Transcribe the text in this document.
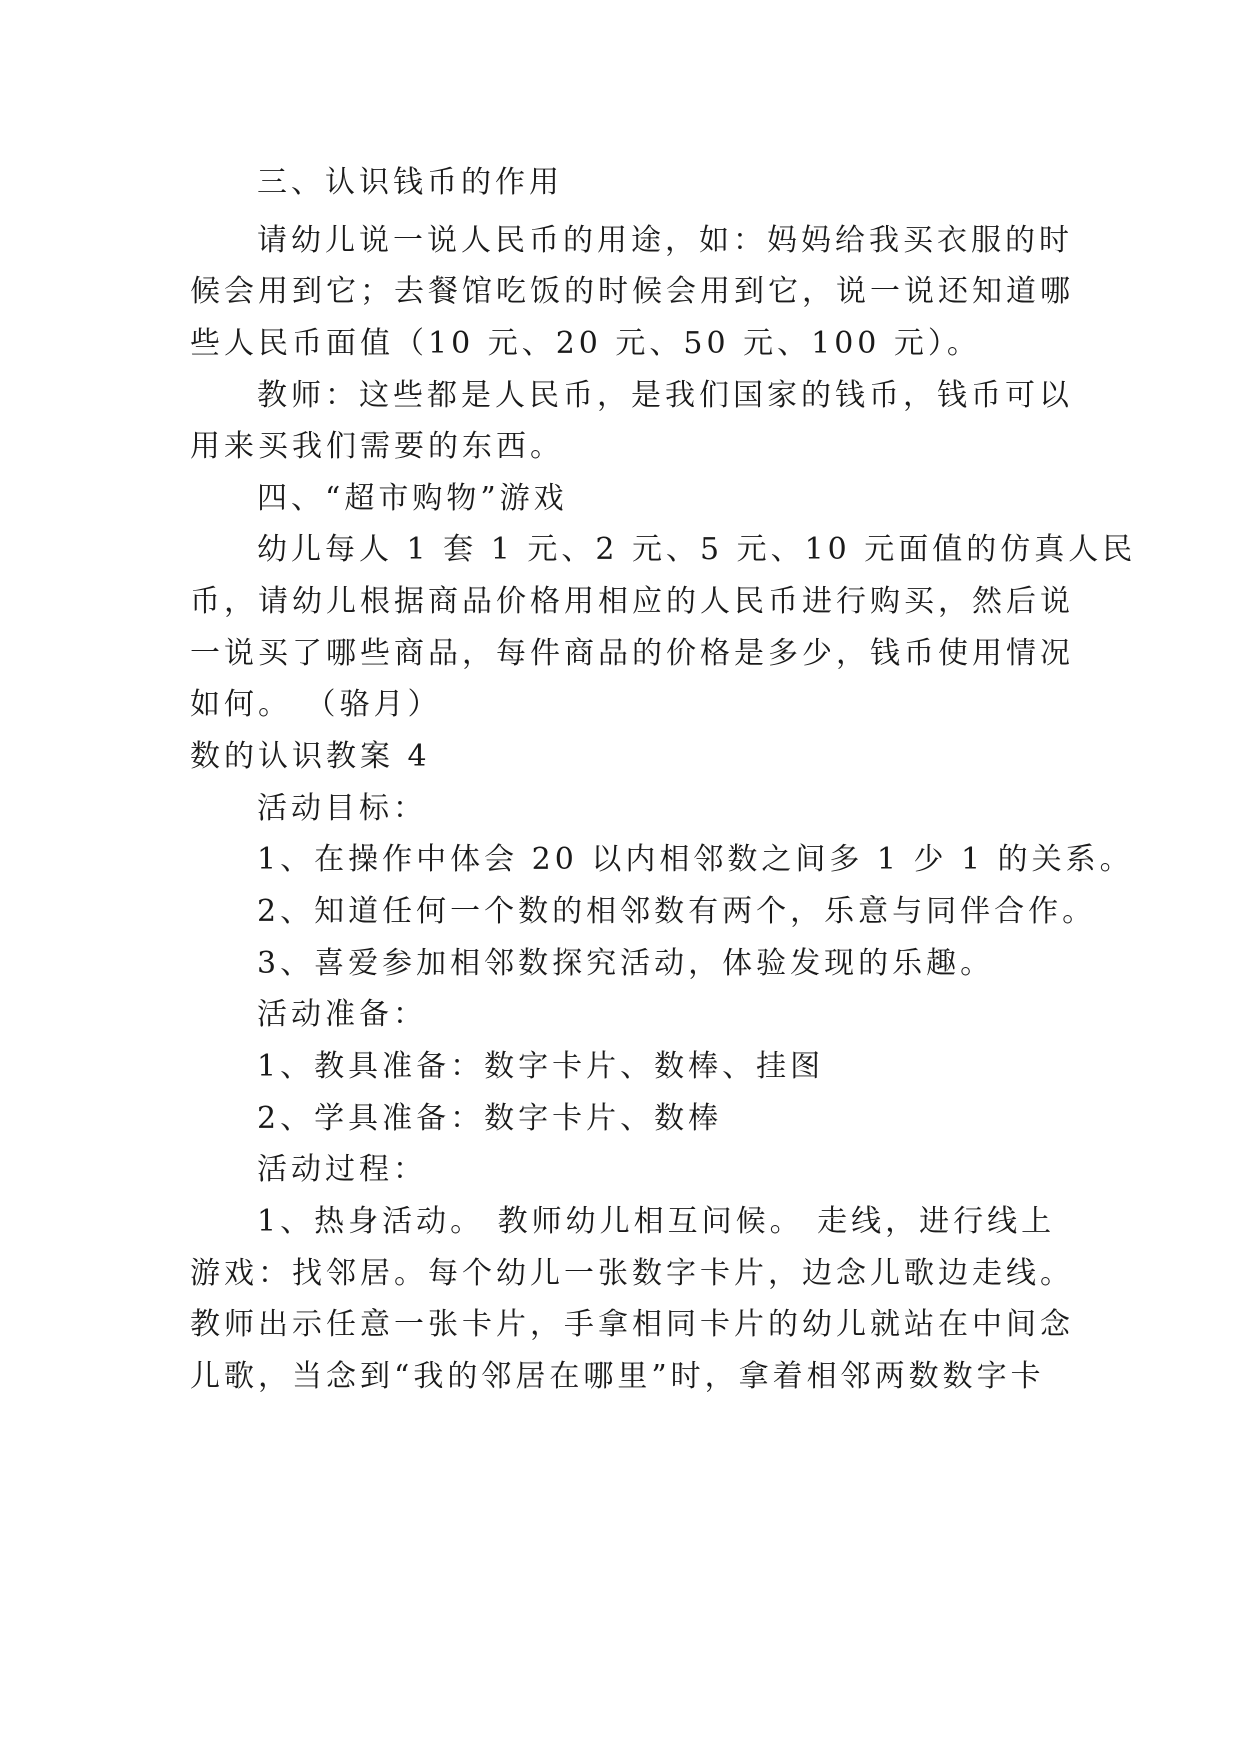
三、认识钱币的作用
请幼儿说一说人民币的用途，如：妈妈给我买衣服的时
候会用到它；去餐馆吃饭的时候会用到它，说一说还知道哪
些人民币面值（10 元、20 元、50 元、100 元）。
教师：这些都是人民币，是我们国家的钱币，钱币可以
用来买我们需要的东西。
四、“超市购物”游戏
幼儿每人 1 套 1 元、2 元、5 元、10 元面值的仿真人民
币，请幼儿根据商品价格用相应的人民币进行购买，然后说
一说买了哪些商品，每件商品的价格是多少，钱币使用情况
如何。 （骆月）
数的认识教案 4
活动目标：
1、在操作中体会 20 以内相邻数之间多 1 少 1 的关系。
2、知道任何一个数的相邻数有两个，乐意与同伴合作。
3、喜爱参加相邻数探究活动，体验发现的乐趣。
活动准备：
1、教具准备：数字卡片、数棒、挂图
2、学具准备：数字卡片、数棒
活动过程：
1、热身活动。 教师幼儿相互问候。 走线，进行线上
游戏：找邻居。每个幼儿一张数字卡片，边念儿歌边走线。
教师出示任意一张卡片，手拿相同卡片的幼儿就站在中间念
儿歌，当念到“我的邻居在哪里”时，拿着相邻两数数字卡
